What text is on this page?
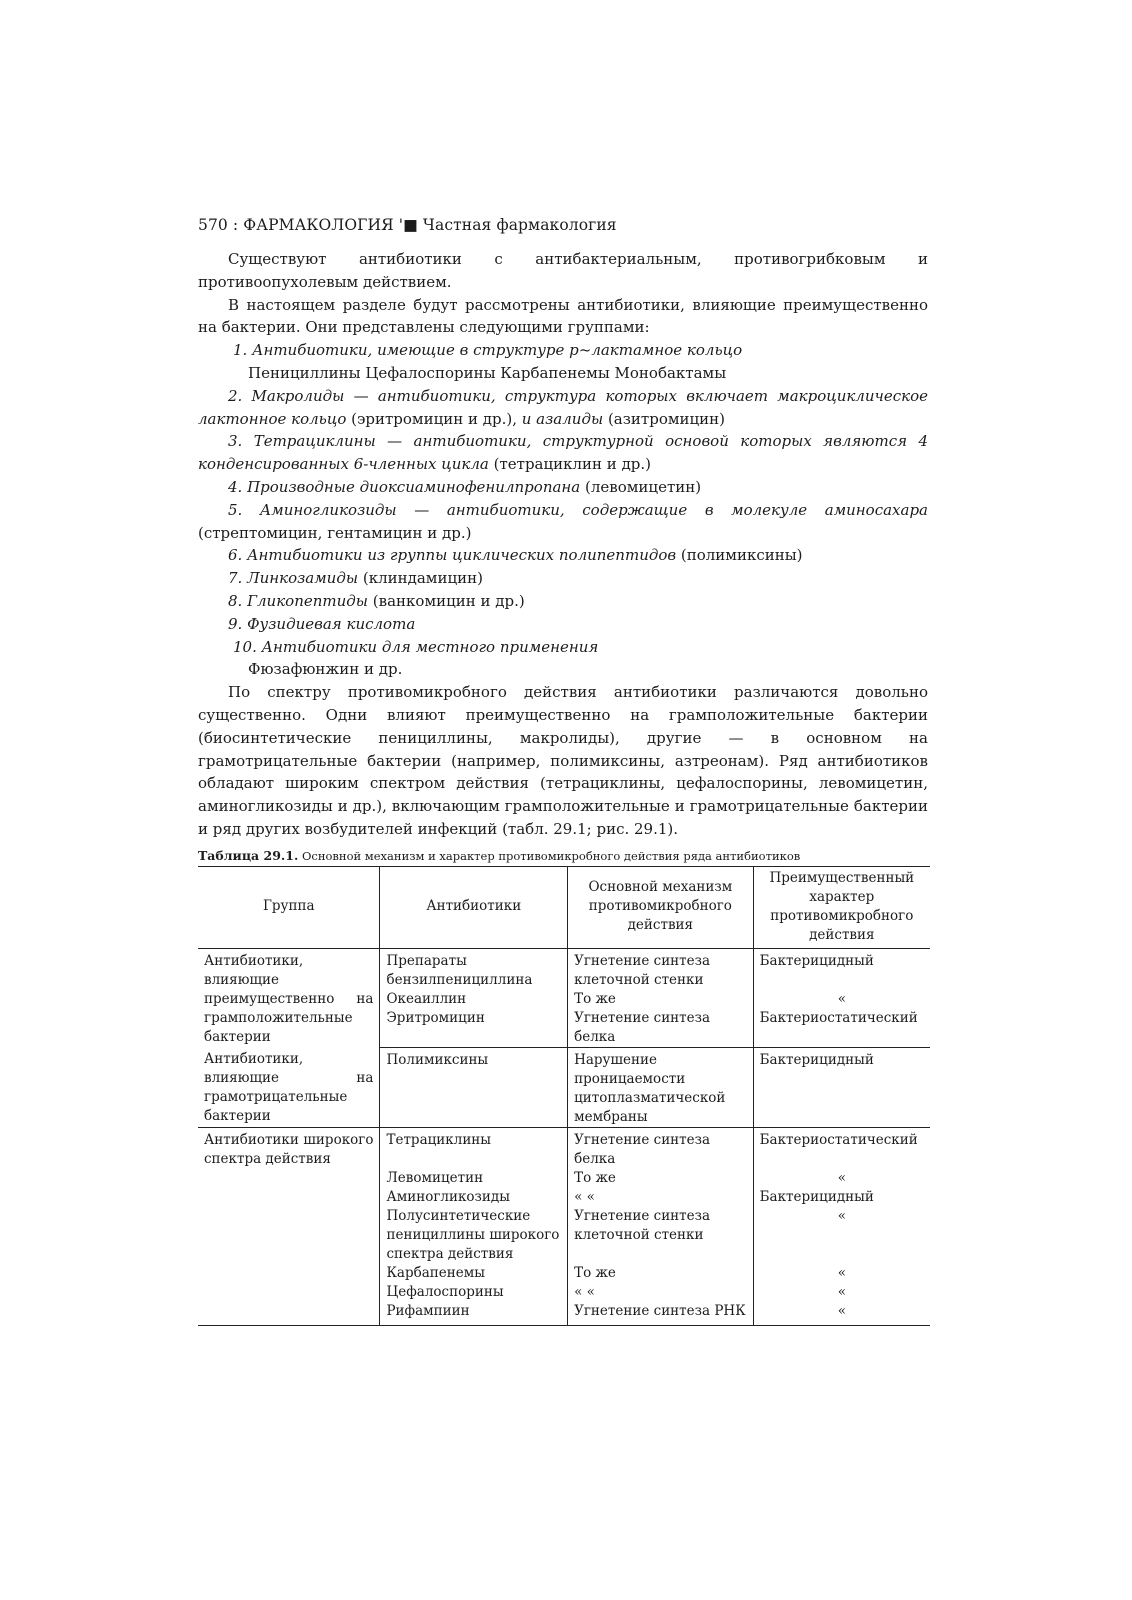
570 : ФАРМАКОЛОГИЯ '■ Частная фармакология

Существуют антибиотики с антибактериальным, противогрибковым и противоопухолевым действием.

В настоящем разделе будут рассмотрены антибиотики, влияющие преимущественно на бактерии. Они представлены следующими группами:

1. Антибиотики, имеющие в структуре р~лактамное кольцо

Пенициллины Цефалоспорины Карбапенемы Монобактамы

2. Макролиды — антибиотики, структура которых включает макроциклическое лактонное кольцо (эритромицин и др.), и азалиды (азитромицин)

3. Тетрациклины — антибиотики, структурной основой которых являются 4 конденсированных 6-членных цикла (тетрациклин и др.)

4. Производные диоксиаминофенилпропана (левомицетин)

5. Аминогликозиды — антибиотики, содержащие в молекуле аминосахара (стрептомицин, гентамицин и др.)

6. Антибиотики из группы циклических полипептидов (полимиксины)

7. Линкозамиды (клиндамицин)

8. Гликопептиды (ванкомицин и др.)

9. Фузидиевая кислота

10. Антибиотики для местного применения

Фюзафюнжин и др.

По спектру противомикробного действия антибиотики различаются довольно существенно. Одни влияют преимущественно на грамположительные бактерии (биосинтетические пенициллины, макролиды), другие — в основном на грамотрицательные бактерии (например, полимиксины, азтреонам). Ряд антибиотиков обладают широким спектром действия (тетрациклины, цефалоспорины, левомицетин, аминогликозиды и др.), включающим грамположительные и грамотрицательные бактерии и ряд других возбудителей инфекций (табл. 29.1; рис. 29.1).

Таблица 29.1. Основной механизм и характер противомикробного действия ряда антибиотиков
Группа	Антибиотики	Основной механизм противомикробного действия	Преимущественный характер противомикробного действия
Антибиотики, влияющие преимущественно на грамположительные бактерии	Препараты бензилпенициллина	Угнетение синтеза клеточной стенки	Бактерицидный
	Океаиллин	То же	«
	Эритромицин	Угнетение синтеза белка	Бактериостатический
Антибиотики, влияющие на грамотрицательные бактерии	Полимиксины	Нарушение проницаемости цитоплазматической мембраны	Бактерицидный
Антибиотики широкого спектра действия	Тетрациклины	Угнетение синтеза белка	Бактериостатический
	Левомицетин	То же	«
	Аминогликозиды	« «	Бактерицидный
	Полусинтетические пенициллины широкого спектра действия	Угнетение синтеза клеточной стенки	«
	Карбапенемы	То же	«
	Цефалоспорины	« «	«
	Рифампиин	Угнетение синтеза РНК	«
